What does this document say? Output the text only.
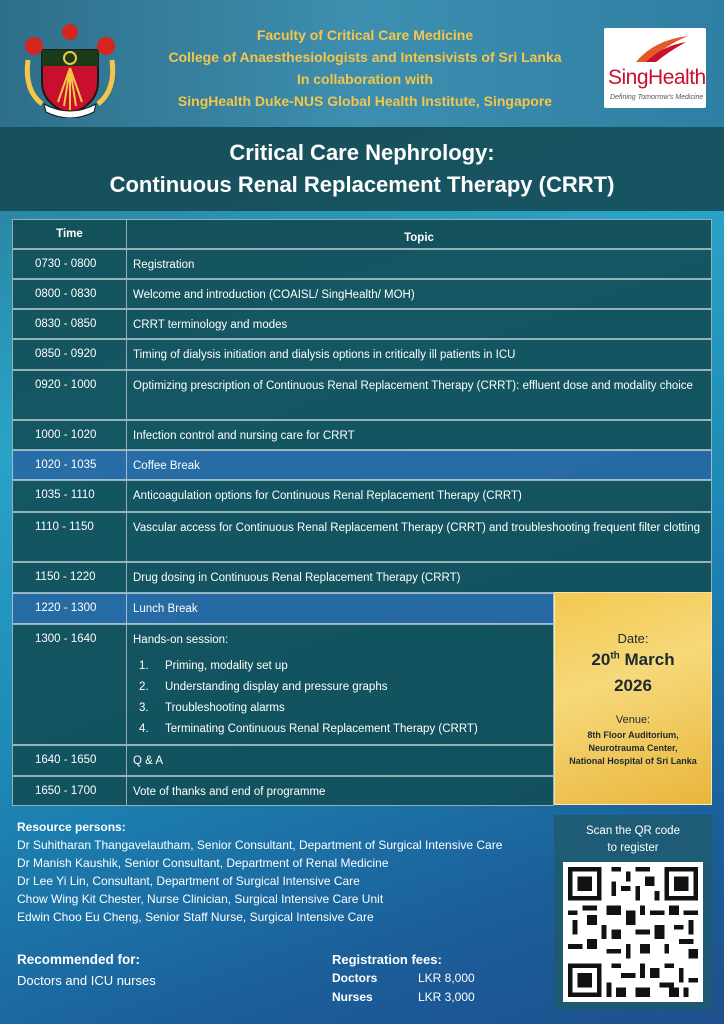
Faculty of Critical Care Medicine
College of Anaesthesiologists and Intensivists of Sri Lanka
In collaboration with
SingHealth Duke-NUS Global Health Institute, Singapore
SingHealth
Defining Tomorrow's Medicine
Critical Care Nephrology:
Continuous Renal Replacement Therapy (CRRT)
Time	Topic
0730 - 0800	Registration
0800 - 0830	Welcome and introduction (COAISL/ SingHealth/ MOH)
0830 - 0850	CRRT terminology and modes
0850 - 0920	Timing of dialysis initiation and dialysis options in critically ill patients in ICU
0920 - 1000	Optimizing prescription of Continuous Renal Replacement Therapy (CRRT): effluent dose and modality choice
1000 - 1020	Infection control and nursing care for CRRT
1020 - 1035	Coffee Break
1035 - 1110	Anticoagulation options for Continuous Renal Replacement Therapy (CRRT)
1110 - 1150	Vascular access for Continuous Renal Replacement Therapy (CRRT) and troubleshooting frequent filter clotting
1150 - 1220	Drug dosing in Continuous Renal Replacement Therapy (CRRT)
1220 - 1300	Lunch Break
1300 - 1640	Hands-on session:
1.	Priming, modality set up
2.	Understanding display and pressure graphs
3.	Troubleshooting alarms
4.	Terminating Continuous Renal Replacement Therapy (CRRT)
1640 - 1650	Q & A
1650 - 1700	Vote of thanks and end of programme
Date:
20th March
2026
Venue:
8th Floor Auditorium,
Neurotrauma Center,
National Hospital of Sri Lanka
Resource persons:
Dr Suhitharan Thangavelautham, Senior Consultant, Department of Surgical Intensive Care
Dr Manish Kaushik, Senior Consultant, Department of Renal Medicine
Dr Lee Yi Lin, Consultant, Department of Surgical Intensive Care
Chow Wing Kit Chester, Nurse Clinician, Surgical Intensive Care Unit
Edwin Choo Eu Cheng, Senior Staff Nurse, Surgical Intensive Care
Recommended for:
Doctors and ICU nurses
Registration fees:
Doctors	LKR 8,000
Nurses	LKR 3,000
Scan the QR code
to register
